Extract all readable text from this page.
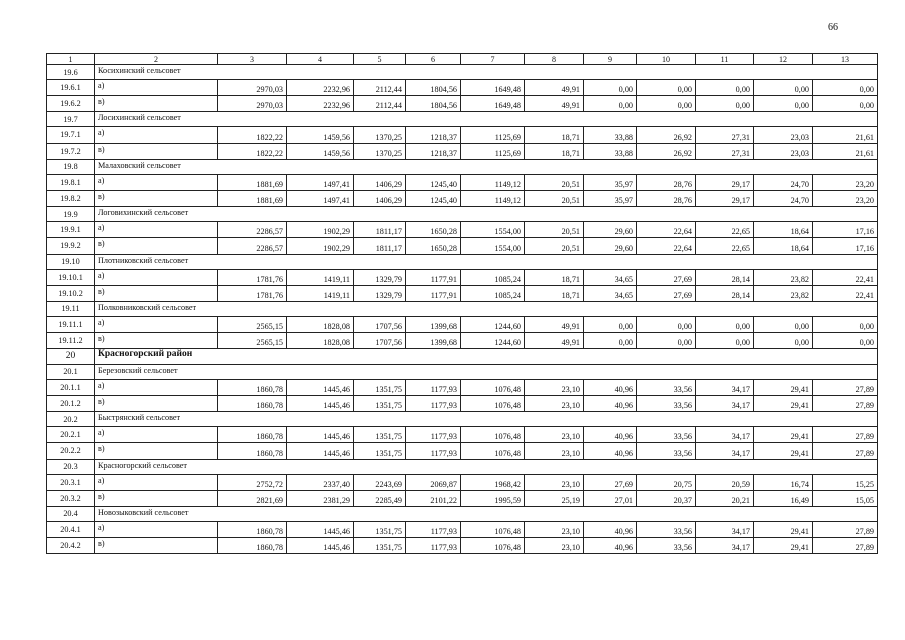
66
1	2	3	4	5	6	7	8	9	10	11	12	13
19.6	Косихинский сельсовет											
19.6.1	а)	2970,03	2232,96	2112,44	1804,56	1649,48	49,91	0,00	0,00	0,00	0,00	0,00
19.6.2	в)	2970,03	2232,96	2112,44	1804,56	1649,48	49,91	0,00	0,00	0,00	0,00	0,00
19.7	Лосихинский сельсовет											
19.7.1	а)	1822,22	1459,56	1370,25	1218,37	1125,69	18,71	33,88	26,92	27,31	23,03	21,61
19.7.2	в)	1822,22	1459,56	1370,25	1218,37	1125,69	18,71	33,88	26,92	27,31	23,03	21,61
19.8	Малаховский сельсовет											
19.8.1	а)	1881,69	1497,41	1406,29	1245,40	1149,12	20,51	35,97	28,76	29,17	24,70	23,20
19.8.2	в)	1881,69	1497,41	1406,29	1245,40	1149,12	20,51	35,97	28,76	29,17	24,70	23,20
19.9	Логовихинский сельсовет											
19.9.1	а)	2286,57	1902,29	1811,17	1650,28	1554,00	20,51	29,60	22,64	22,65	18,64	17,16
19.9.2	в)	2286,57	1902,29	1811,17	1650,28	1554,00	20,51	29,60	22,64	22,65	18,64	17,16
19.10	Плотниковский сельсовет											
19.10.1	а)	1781,76	1419,11	1329,79	1177,91	1085,24	18,71	34,65	27,69	28,14	23,82	22,41
19.10.2	в)	1781,76	1419,11	1329,79	1177,91	1085,24	18,71	34,65	27,69	28,14	23,82	22,41
19.11	Полковниковский сельсовет											
19.11.1	а)	2565,15	1828,08	1707,56	1399,68	1244,60	49,91	0,00	0,00	0,00	0,00	0,00
19.11.2	в)	2565,15	1828,08	1707,56	1399,68	1244,60	49,91	0,00	0,00	0,00	0,00	0,00
20	Красногорский район											
20.1	Березовский сельсовет											
20.1.1	а)	1860,78	1445,46	1351,75	1177,93	1076,48	23,10	40,96	33,56	34,17	29,41	27,89
20.1.2	в)	1860,78	1445,46	1351,75	1177,93	1076,48	23,10	40,96	33,56	34,17	29,41	27,89
20.2	Быстрянский сельсовет											
20.2.1	а)	1860,78	1445,46	1351,75	1177,93	1076,48	23,10	40,96	33,56	34,17	29,41	27,89
20.2.2	в)	1860,78	1445,46	1351,75	1177,93	1076,48	23,10	40,96	33,56	34,17	29,41	27,89
20.3	Красногорский сельсовет											
20.3.1	а)	2752,72	2337,40	2243,69	2069,87	1968,42	23,10	27,69	20,75	20,59	16,74	15,25
20.3.2	в)	2821,69	2381,29	2285,49	2101,22	1995,59	25,19	27,01	20,37	20,21	16,49	15,05
20.4	Новозыковский сельсовет											
20.4.1	а)	1860,78	1445,46	1351,75	1177,93	1076,48	23,10	40,96	33,56	34,17	29,41	27,89
20.4.2	в)	1860,78	1445,46	1351,75	1177,93	1076,48	23,10	40,96	33,56	34,17	29,41	27,89
